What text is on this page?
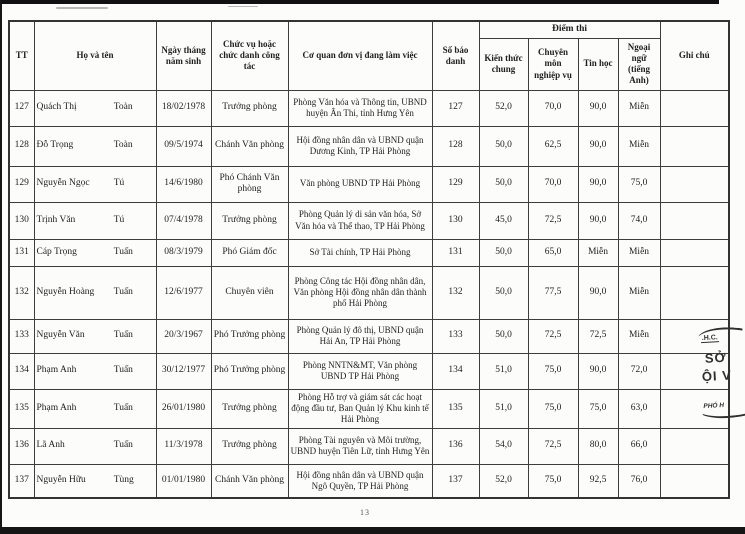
TT	Họ và tên	Ngày tháng năm sinh	Chức vụ hoặc chức danh công tác	Cơ quan đơn vị đang làm việc	Số báo danh	Điểm thi				Ghi chú
						Kiến thức chung	Chuyên môn nghiệp vụ	Tin học	Ngoại ngữ (tiếng Anh)	
127	Quách Thị Toàn	18/02/1978	Trưởng phòng	Phòng Văn hóa và Thông tin, UBND huyện Ân Thi, tỉnh Hưng Yên	127	52,0	70,0	90,0	Miễn	
128	Đỗ Trọng Toàn	09/5/1974	Chánh Văn phòng	Hội đồng nhân dân và UBND quận Dương Kinh, TP Hải Phòng	128	50,0	62,5	90,0	Miễn	
129	Nguyễn Ngọc Tú	14/6/1980	Phó Chánh Văn phòng	Văn phòng UBND TP Hải Phòng	129	50,0	70,0	90,0	75,0	
130	Trịnh Văn Tú	07/4/1978	Trưởng phòng	Phòng Quản lý di sản văn hóa, Sở Văn hóa và Thể thao, TP Hải Phòng	130	45,0	72,5	90,0	74,0	
131	Cáp Trọng Tuấn	08/3/1979	Phó Giám đốc	Sở Tài chính, TP Hải Phòng	131	50,0	65,0	Miễn	Miễn	
132	Nguyễn Hoàng Tuấn	12/6/1977	Chuyên viên	Phòng Công tác Hội đồng nhân dân, Văn phòng Hội đồng nhân dân thành phố Hải Phòng	132	50,0	77,5	90,0	Miễn	
133	Nguyễn Văn Tuấn	20/3/1967	Phó Trưởng phòng	Phòng Quản lý đô thị, UBND quận Hải An, TP Hải Phòng	133	50,0	72,5	72,5	Miễn	
134	Phạm Anh Tuấn	30/12/1977	Phó Trưởng phòng	Phòng NNTN&MT, Văn phòng UBND TP Hải Phòng	134	51,0	75,0	90,0	72,0	
135	Phạm Anh Tuấn	26/01/1980	Trưởng phòng	Phòng Hỗ trợ và giám sát các hoạt động đầu tư, Ban Quản lý Khu kinh tế Hải Phòng	135	51,0	75,0	75,0	63,0	
136	Lã Anh Tuấn	11/3/1978	Trưởng phòng	Phòng Tài nguyên và Môi trường, UBND huyện Tiên Lữ, tỉnh Hưng Yên	136	54,0	72,5	80,0	66,0	
137	Nguyễn Hữu Tùng	01/01/1980	Chánh Văn phòng	Hội đồng nhân dân và UBND quận Ngô Quyền, TP Hải Phòng	137	52,0	75,0	92,5	76,0	
.H.C.
SỞ
ỘI V
PHÓ H
13
